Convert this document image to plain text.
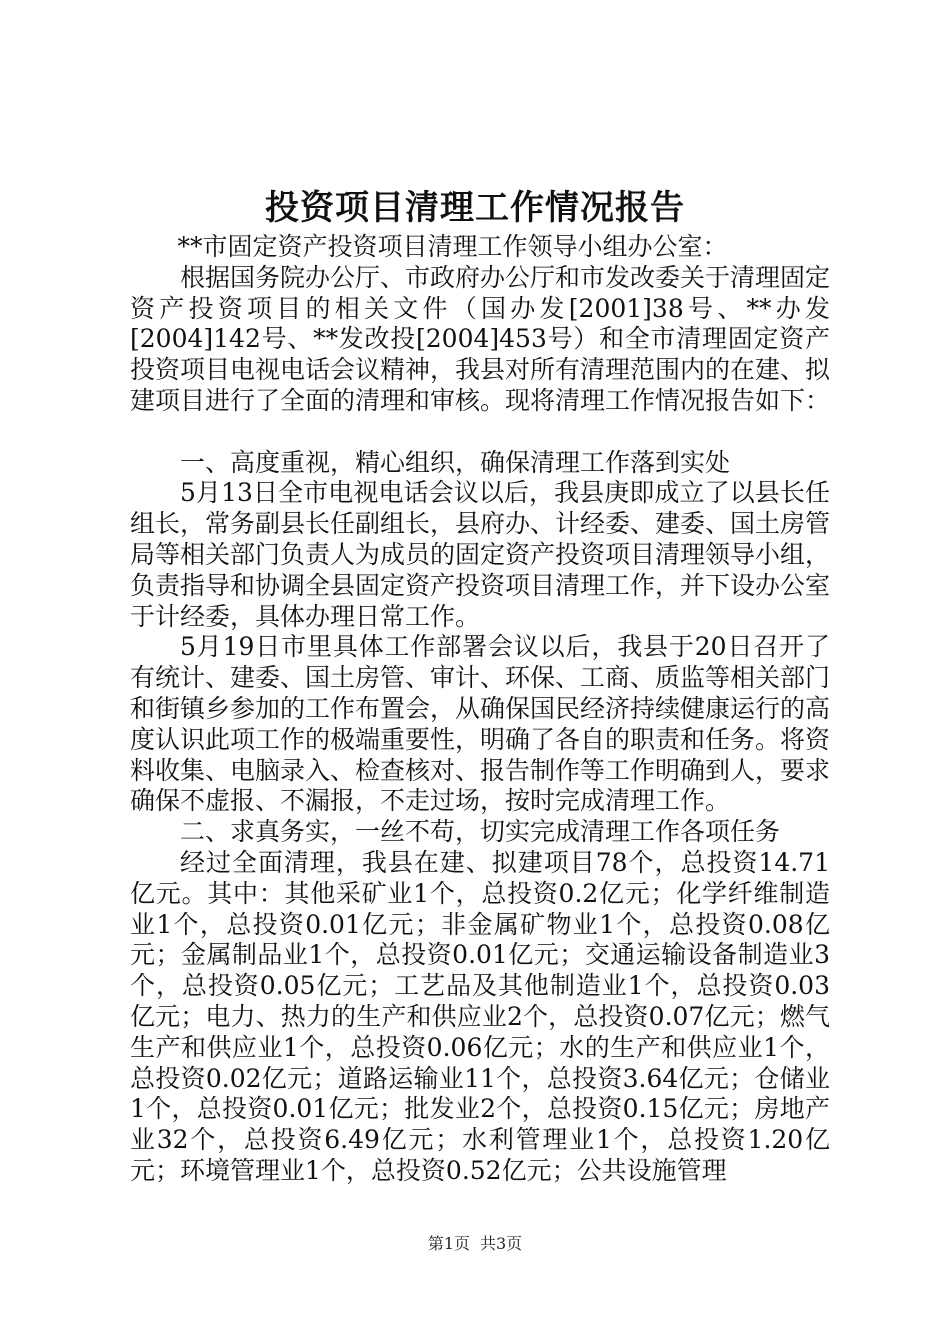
投资项目清理工作情况报告

**市固定资产投资项目清理工作领导小组办公室：

根据国务院办公厅、市政府办公厅和市发改委关于清理固定资产投资项目的相关文件（国办发[2001]38号、**办发[2004]142号、**发改投[2004]453号）和全市清理固定资产投资项目电视电话会议精神，我县对所有清理范围内的在建、拟建项目进行了全面的清理和审核。现将清理工作情况报告如下：

一、高度重视，精心组织，确保清理工作落到实处

5月13日全市电视电话会议以后，我县庚即成立了以县长任组长，常务副县长任副组长，县府办、计经委、建委、国土房管局等相关部门负责人为成员的固定资产投资项目清理领导小组，负责指导和协调全县固定资产投资项目清理工作，并下设办公室于计经委，具体办理日常工作。

5月19日市里具体工作部署会议以后，我县于20日召开了有统计、建委、国土房管、审计、环保、工商、质监等相关部门和街镇乡参加的工作布置会，从确保国民经济持续健康运行的高度认识此项工作的极端重要性，明确了各自的职责和任务。将资料收集、电脑录入、检查核对、报告制作等工作明确到人，要求确保不虚报、不漏报，不走过场，按时完成清理工作。

二、求真务实，一丝不苟，切实完成清理工作各项任务

经过全面清理，我县在建、拟建项目78个，总投资14.71亿元。其中：其他采矿业1个，总投资0.2亿元；化学纤维制造业1个，总投资0.01亿元；非金属矿物业1个，总投资0.08亿元；金属制品业1个，总投资0.01亿元；交通运输设备制造业3个，总投资0.05亿元；工艺品及其他制造业1个，总投资0.03亿元；电力、热力的生产和供应业2个，总投资0.07亿元；燃气生产和供应业1个，总投资0.06亿元；水的生产和供应业1个，总投资0.02亿元；道路运输业11个，总投资3.64亿元；仓储业1个，总投资0.01亿元；批发业2个，总投资0.15亿元；房地产业32个，总投资6.49亿元；水利管理业1个，总投资1.20亿元；环境管理业1个，总投资0.52亿元；公共设施管理

第1页 共3页
